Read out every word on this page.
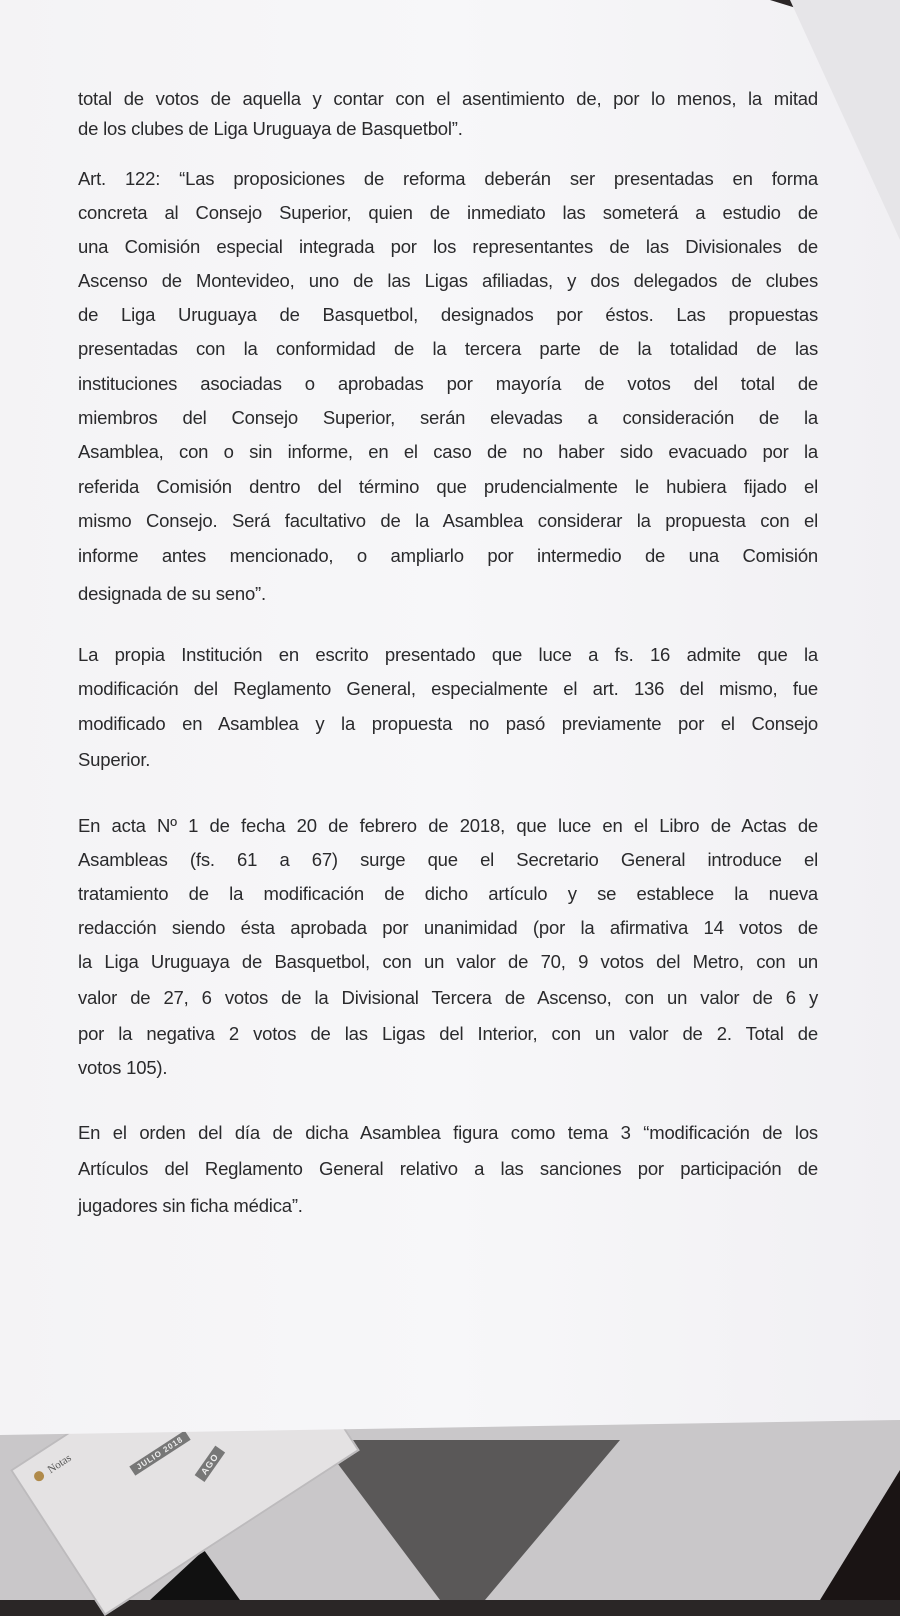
Notas	JULIO 2018	AGO
total de votos de aquella y contar con el asentimiento de, por lo menos, la mitad
de los clubes de Liga Uruguaya de Basquetbol”.
Art. 122: “Las proposiciones de reforma deberán ser presentadas en forma
concreta al Consejo Superior, quien de inmediato las someterá a estudio de
una Comisión especial integrada por los representantes de las Divisionales de
Ascenso de Montevideo, uno de las Ligas afiliadas, y dos delegados de clubes
de Liga Uruguaya de Basquetbol, designados por éstos. Las propuestas
presentadas con la conformidad de la tercera parte de la totalidad de las
instituciones asociadas o aprobadas por mayoría de votos del total de
miembros del Consejo Superior, serán elevadas a consideración de la
Asamblea, con o sin informe, en el caso de no haber sido evacuado por la
referida Comisión dentro del término que prudencialmente le hubiera fijado el
mismo Consejo. Será facultativo de la Asamblea considerar la propuesta con el
informe antes mencionado, o ampliarlo por intermedio de una Comisión
designada de su seno”.
La propia Institución en escrito presentado que luce a fs. 16 admite que la
modificación del Reglamento General, especialmente el art. 136 del mismo, fue
modificado en Asamblea y la propuesta no pasó previamente por el Consejo
Superior.
En acta Nº 1 de fecha 20 de febrero de 2018, que luce en el Libro de Actas de
Asambleas (fs. 61 a 67) surge que el Secretario General introduce el
tratamiento de la modificación de dicho artículo y se establece la nueva
redacción siendo ésta aprobada por unanimidad (por la afirmativa 14 votos de
la Liga Uruguaya de Basquetbol, con un valor de 70, 9 votos del Metro, con un
valor de 27, 6 votos de la Divisional Tercera de Ascenso, con un valor de 6 y
por la negativa 2 votos de las Ligas del Interior, con un valor de 2. Total de
votos 105).
En el orden del día de dicha Asamblea figura como tema 3 “modificación de los
Artículos del Reglamento General relativo a las sanciones por participación de
jugadores sin ficha médica”.
